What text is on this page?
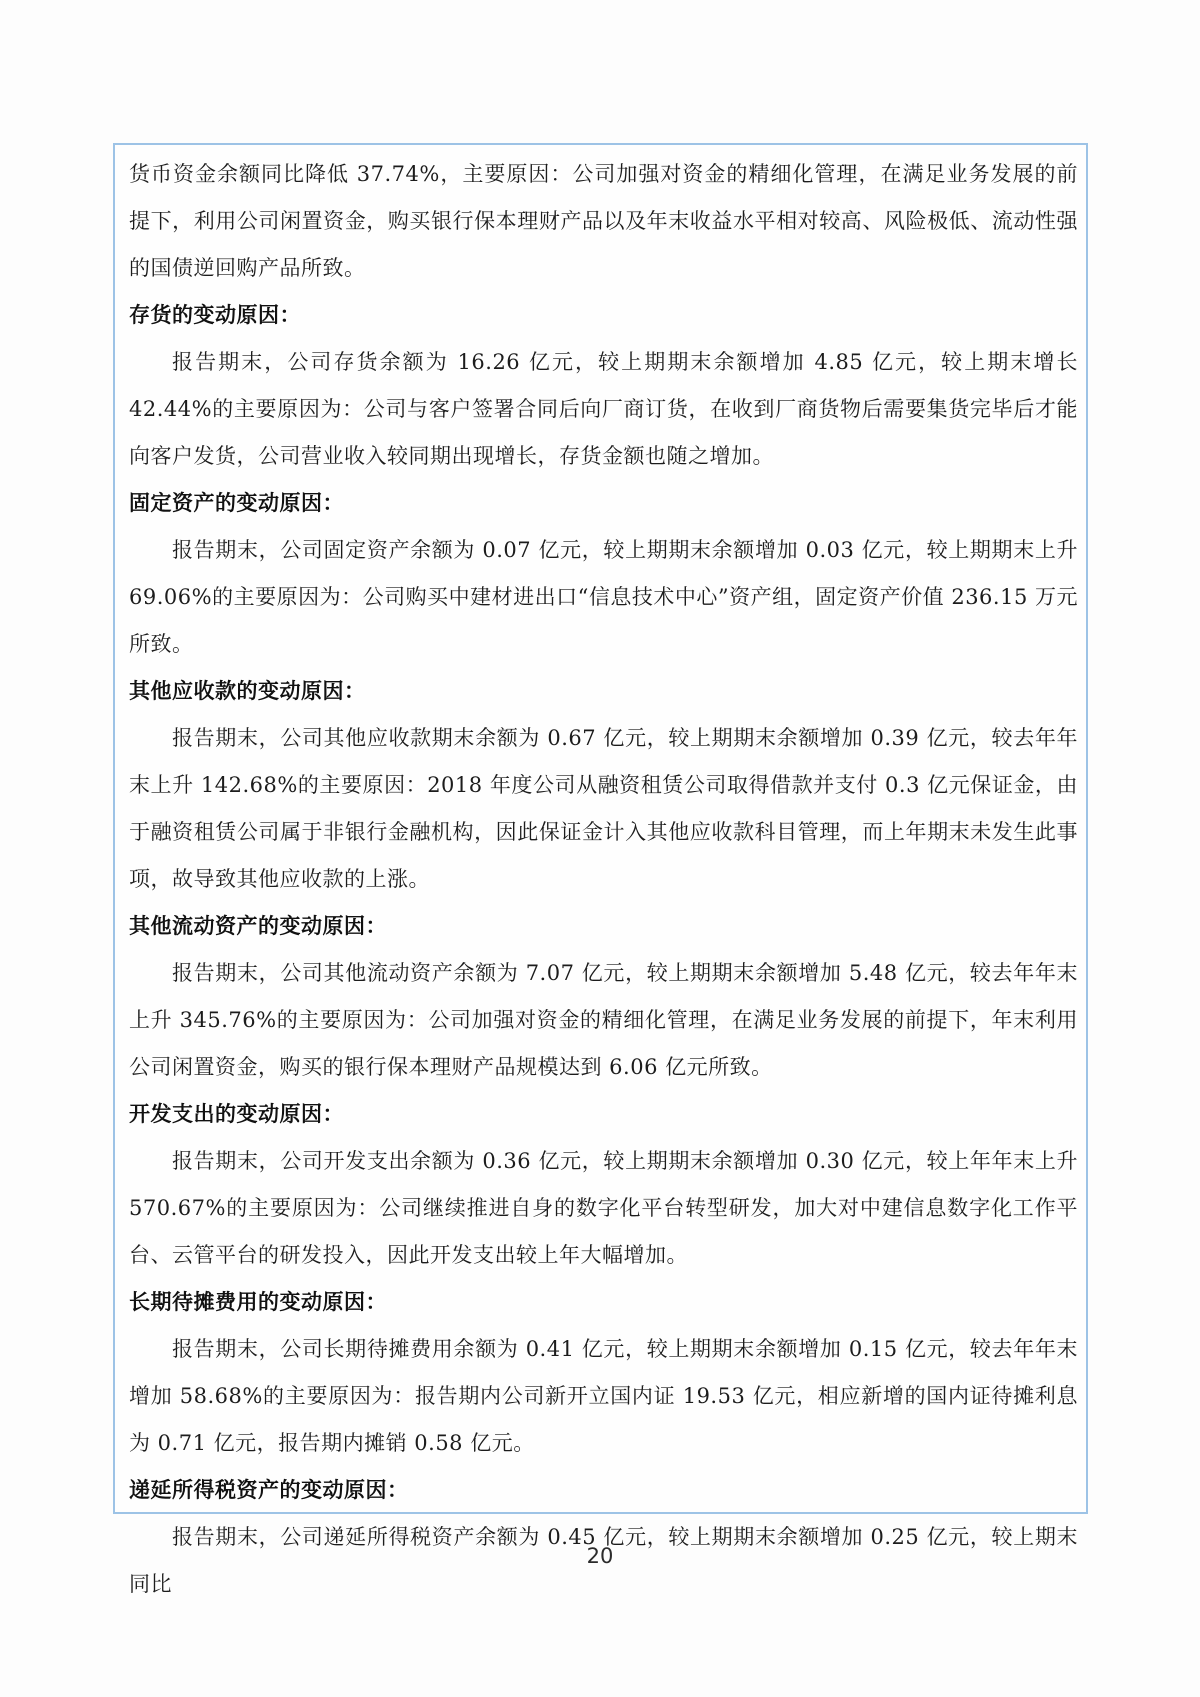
货币资金余额同比降低 37.74%，主要原因：公司加强对资金的精细化管理，在满足业务发展的前提下，利用公司闲置资金，购买银行保本理财产品以及年末收益水平相对较高、风险极低、流动性强的国债逆回购产品所致。

存货的变动原因：

报告期末，公司存货余额为 16.26 亿元，较上期期末余额增加 4.85 亿元，较上期末增长 42.44%的主要原因为：公司与客户签署合同后向厂商订货，在收到厂商货物后需要集货完毕后才能向客户发货，公司营业收入较同期出现增长，存货金额也随之增加。

固定资产的变动原因：

报告期末，公司固定资产余额为 0.07 亿元，较上期期末余额增加 0.03 亿元，较上期期末上升 69.06%的主要原因为：公司购买中建材进出口“信息技术中心”资产组，固定资产价值 236.15 万元所致。

其他应收款的变动原因：

报告期末，公司其他应收款期末余额为 0.67 亿元，较上期期末余额增加 0.39 亿元，较去年年末上升 142.68%的主要原因：2018 年度公司从融资租赁公司取得借款并支付 0.3 亿元保证金，由于融资租赁公司属于非银行金融机构，因此保证金计入其他应收款科目管理，而上年期末未发生此事项，故导致其他应收款的上涨。

其他流动资产的变动原因：

报告期末，公司其他流动资产余额为 7.07 亿元，较上期期末余额增加 5.48 亿元，较去年年末上升 345.76%的主要原因为：公司加强对资金的精细化管理，在满足业务发展的前提下，年末利用公司闲置资金，购买的银行保本理财产品规模达到 6.06 亿元所致。

开发支出的变动原因：

报告期末，公司开发支出余额为 0.36 亿元，较上期期末余额增加 0.30 亿元，较上年年末上升 570.67%的主要原因为：公司继续推进自身的数字化平台转型研发，加大对中建信息数字化工作平台、云管平台的研发投入，因此开发支出较上年大幅增加。

长期待摊费用的变动原因：

报告期末，公司长期待摊费用余额为 0.41 亿元，较上期期末余额增加 0.15 亿元，较去年年末增加 58.68%的主要原因为：报告期内公司新开立国内证 19.53 亿元，相应新增的国内证待摊利息为 0.71 亿元，报告期内摊销 0.58 亿元。

递延所得税资产的变动原因：

报告期末，公司递延所得税资产余额为 0.45 亿元，较上期期末余额增加 0.25 亿元，较上期末同比

20
